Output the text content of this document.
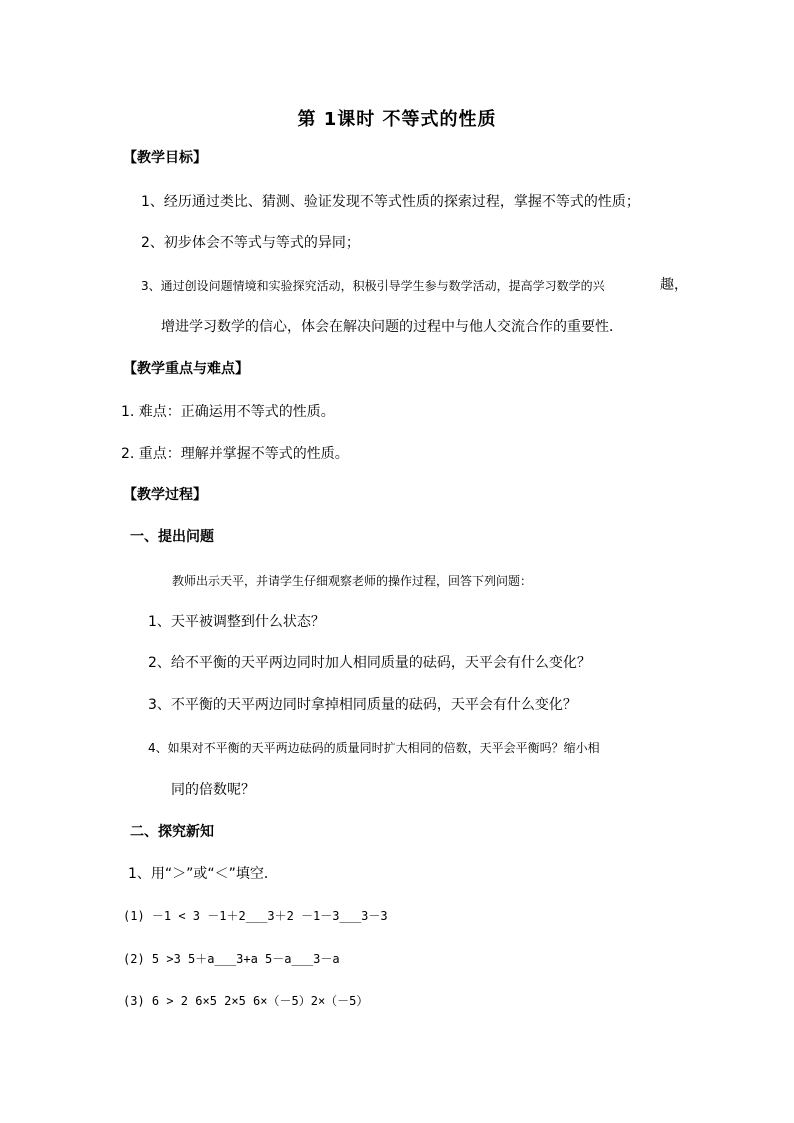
第 1课时 不等式的性质
【教学目标】
1、经历通过类比、猜测、验证发现不等式性质的探索过程，掌握不等式的性质；
2、初步体会不等式与等式的异同；
3、通过创设问题情境和实验探究活动，积极引导学生参与数学活动，提高学习数学的兴	趣，
增进学习数学的信心，体会在解决问题的过程中与他人交流合作的重要性．
【教学重点与难点】
1. 难点：正确运用不等式的性质。
2. 重点：理解并掌握不等式的性质。
【教学过程】
一、提出问题
教师出示天平，并请学生仔细观察老师的操作过程，回答下列问题：
1、天平被调整到什么状态？
2、给不平衡的天平两边同时加人相同质量的砝码，天平会有什么变化？
3、不平衡的天平两边同时拿掉相同质量的砝码，天平会有什么变化？
4、如果对不平衡的天平两边砝码的质量同时扩大相同的倍数，天平会平衡吗？缩小相
同的倍数呢？
二、探究新知
1、用“＞”或“＜”填空．
(1) －1 < 3 －1＋2___3＋2 －1－3___3－3
(2) 5 >3 5＋a___3+a 5－a___3－a
(3) 6 > 2 6×5 2×5 6×（－5）2×（－5）
